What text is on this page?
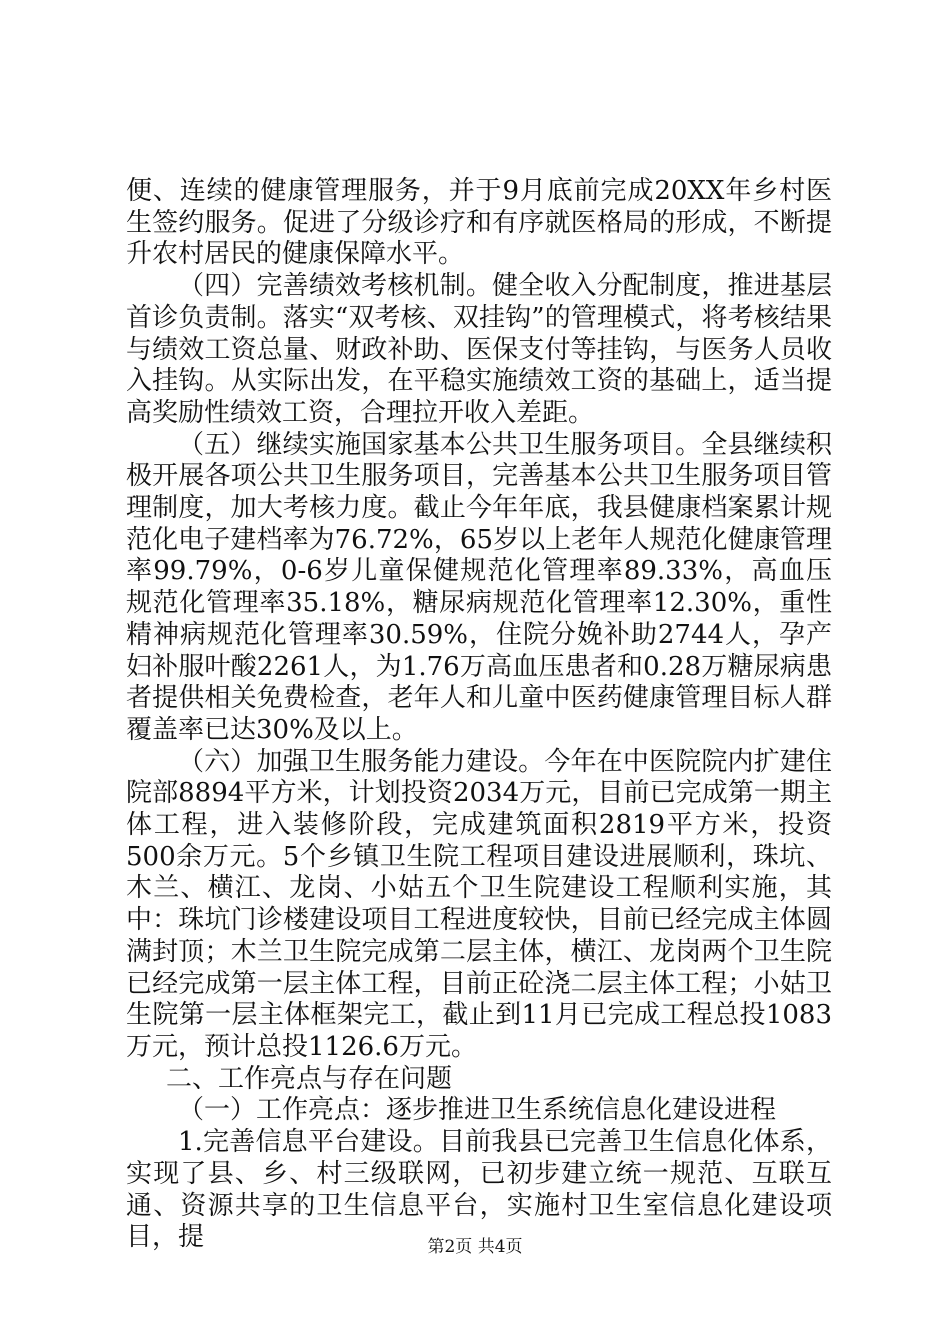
便、连续的健康管理服务，并于9月底前完成20XX年乡村医生签约服务。促进了分级诊疗和有序就医格局的形成，不断提升农村居民的健康保障水平。

（四）完善绩效考核机制。健全收入分配制度，推进基层首诊负责制。落实“双考核、双挂钩”的管理模式，将考核结果与绩效工资总量、财政补助、医保支付等挂钩，与医务人员收入挂钩。从实际出发，在平稳实施绩效工资的基础上，适当提高奖励性绩效工资，合理拉开收入差距。

（五）继续实施国家基本公共卫生服务项目。全县继续积极开展各项公共卫生服务项目，完善基本公共卫生服务项目管理制度，加大考核力度。截止今年年底，我县健康档案累计规范化电子建档率为76.72%，65岁以上老年人规范化健康管理率99.79%，0-6岁儿童保健规范化管理率89.33%，高血压规范化管理率35.18%，糖尿病规范化管理率12.30%，重性精神病规范化管理率30.59%，住院分娩补助2744人，孕产妇补服叶酸2261人，为1.76万高血压患者和0.28万糖尿病患者提供相关免费检查，老年人和儿童中医药健康管理目标人群覆盖率已达30%及以上。

（六）加强卫生服务能力建设。今年在中医院院内扩建住院部8894平方米，计划投资2034万元，目前已完成第一期主体工程，进入装修阶段，完成建筑面积2819平方米，投资500余万元。5个乡镇卫生院工程项目建设进展顺利，珠坑、木兰、横江、龙岗、小姑五个卫生院建设工程顺利实施，其中：珠坑门诊楼建设项目工程进度较快，目前已经完成主体圆满封顶；木兰卫生院完成第二层主体，横江、龙岗两个卫生院已经完成第一层主体工程，目前正砼浇二层主体工程；小姑卫生院第一层主体框架完工，截止到11月已完成工程总投1083万元，预计总投1126.6万元。

二、工作亮点与存在问题

（一）工作亮点：逐步推进卫生系统信息化建设进程

1.完善信息平台建设。目前我县已完善卫生信息化体系，实现了县、乡、村三级联网，已初步建立统一规范、互联互通、资源共享的卫生信息平台，实施村卫生室信息化建设项目，提	第2页 共4页
